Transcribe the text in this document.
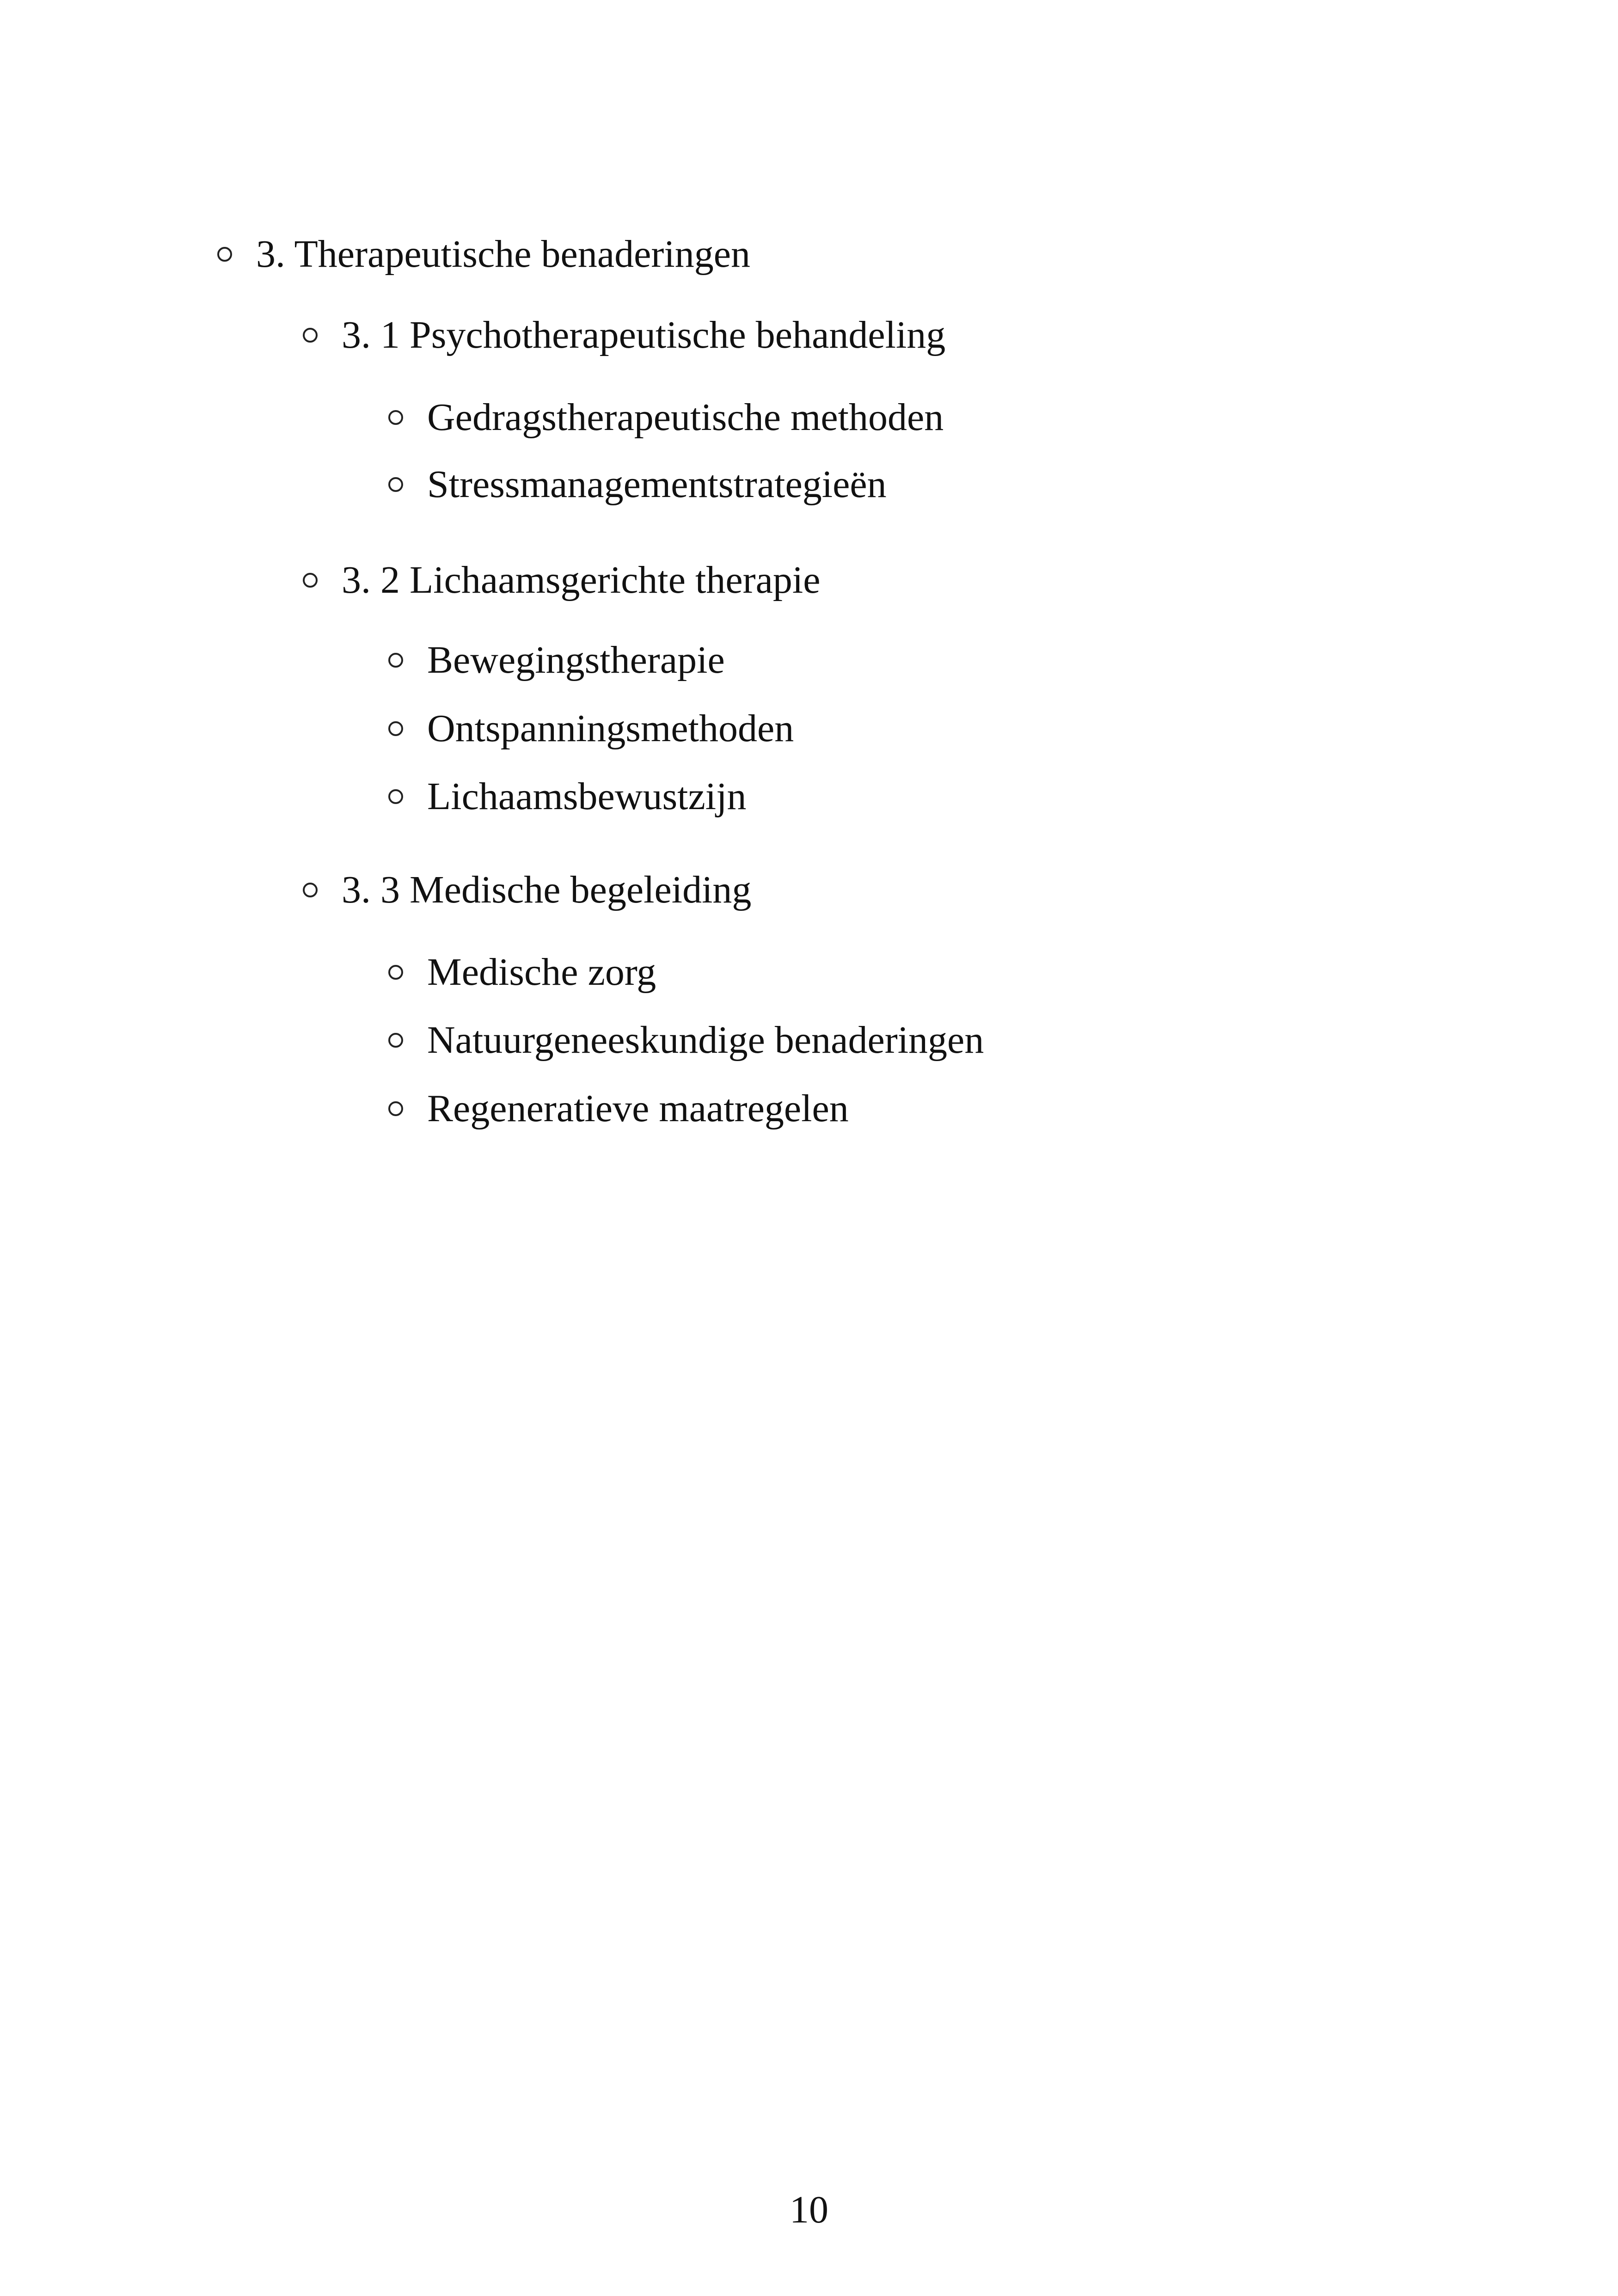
3. Therapeutische benaderingen
3. 1 Psychotherapeutische behandeling
Gedragstherapeutische methoden
Stressmanagementstrategieën
3. 2 Lichaamsgerichte therapie
Bewegingstherapie
Ontspanningsmethoden
Lichaamsbewustzijn
3. 3 Medische begeleiding
Medische zorg
Natuurgeneeskundige benaderingen
Regeneratieve maatregelen
10
